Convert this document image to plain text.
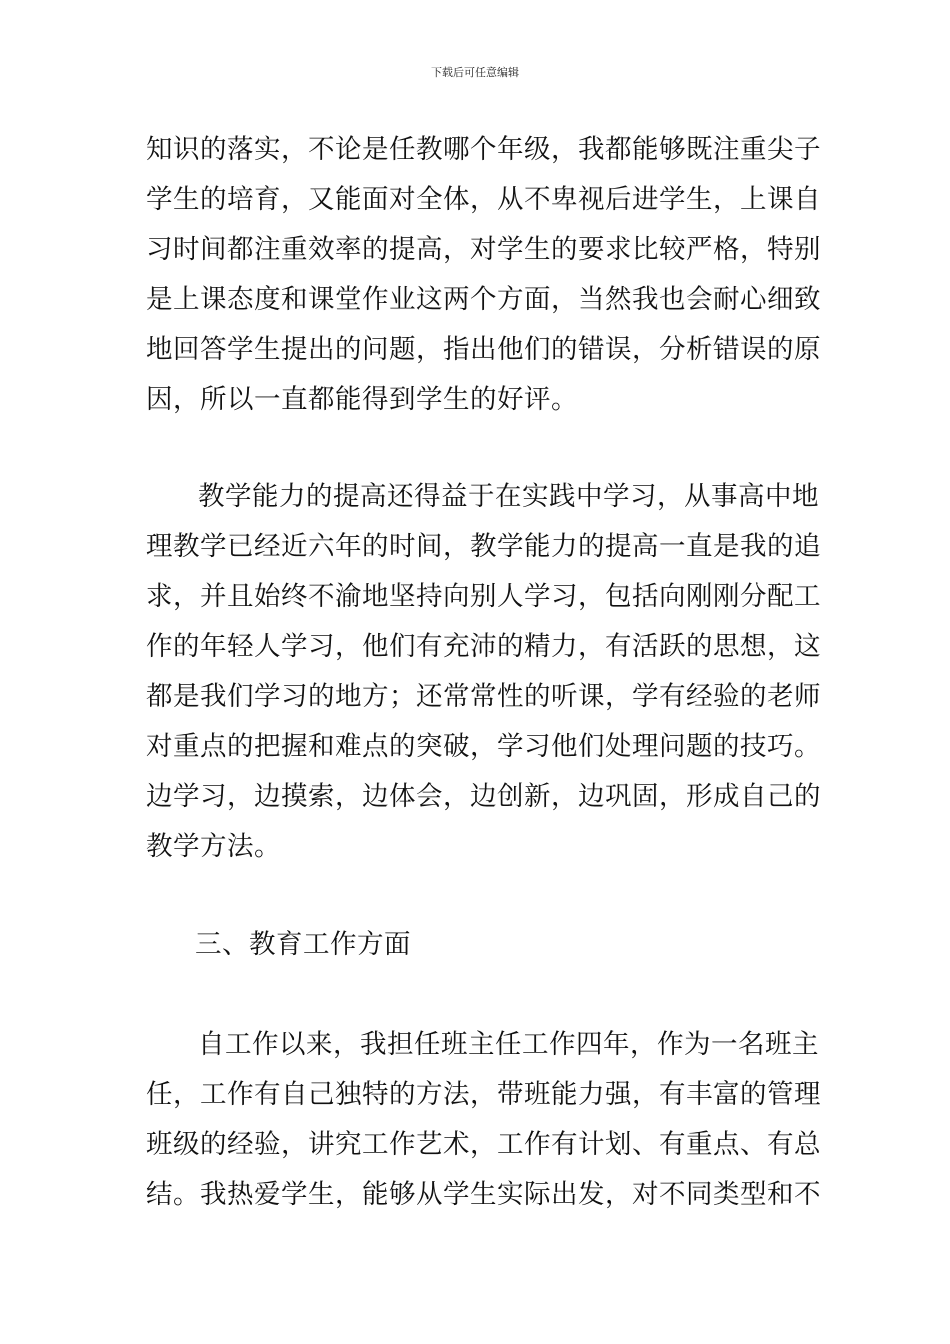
下载后可任意编辑
知识的落实，不论是任教哪个年级，我都能够既注重尖子
学生的培育，又能面对全体，从不卑视后进学生，上课自
习时间都注重效率的提高，对学生的要求比较严格，特别
是上课态度和课堂作业这两个方面，当然我也会耐心细致
地回答学生提出的问题，指出他们的错误，分析错误的原
因，所以一直都能得到学生的好评。
教学能力的提高还得益于在实践中学习，从事高中地
理教学已经近六年的时间，教学能力的提高一直是我的追
求，并且始终不渝地坚持向别人学习，包括向刚刚分配工
作的年轻人学习，他们有充沛的精力，有活跃的思想，这
都是我们学习的地方；还常常性的听课，学有经验的老师
对重点的把握和难点的突破，学习他们处理问题的技巧。
边学习，边摸索，边体会，边创新，边巩固，形成自己的
教学方法。
三、教育工作方面
自工作以来，我担任班主任工作四年，作为一名班主
任，工作有自己独特的方法，带班能力强，有丰富的管理
班级的经验，讲究工作艺术，工作有计划、有重点、有总
结。我热爱学生，能够从学生实际出发，对不同类型和不
